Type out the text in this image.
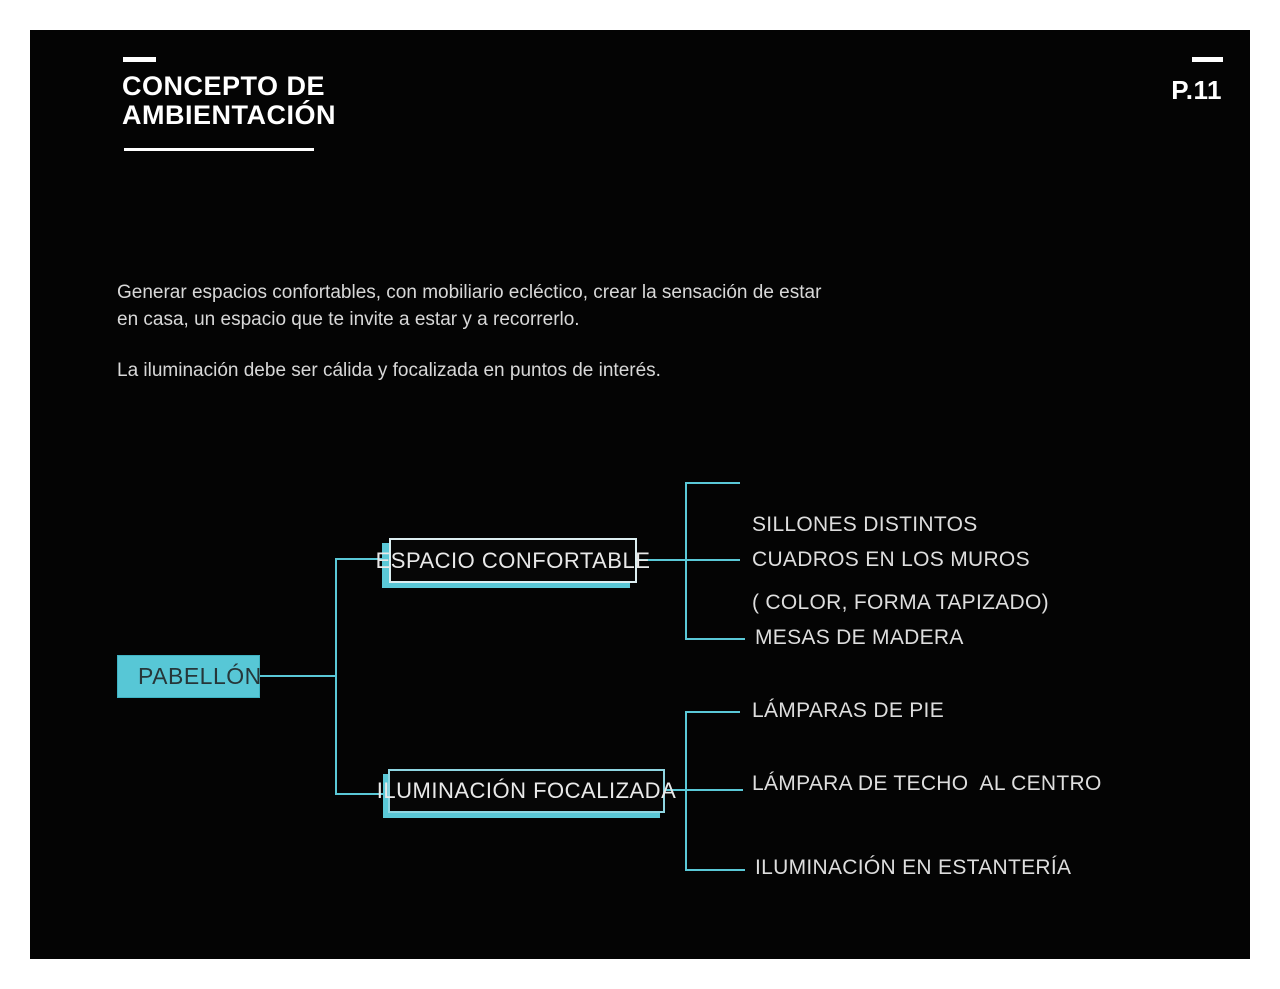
CONCEPTO DE
AMBIENTACIÓN
P.11
Generar espacios confortables, con mobiliario ecléctico, crear la sensación de estar
en casa, un espacio que te invite a estar y a recorrerlo.
La iluminación debe ser cálida y focalizada en puntos de interés.
PABELLÓN
ESPACIO CONFORTABLE
ILUMINACIÓN FOCALIZADA

SILLONES DISTINTOS

( COLOR, FORMA TAPIZADO)

CUADROS EN LOS MUROS
MESAS DE MADERA
LÁMPARAS DE PIE
LÁMPARA DE TECHO  AL CENTRO
ILUMINACIÓN EN ESTANTERÍA
